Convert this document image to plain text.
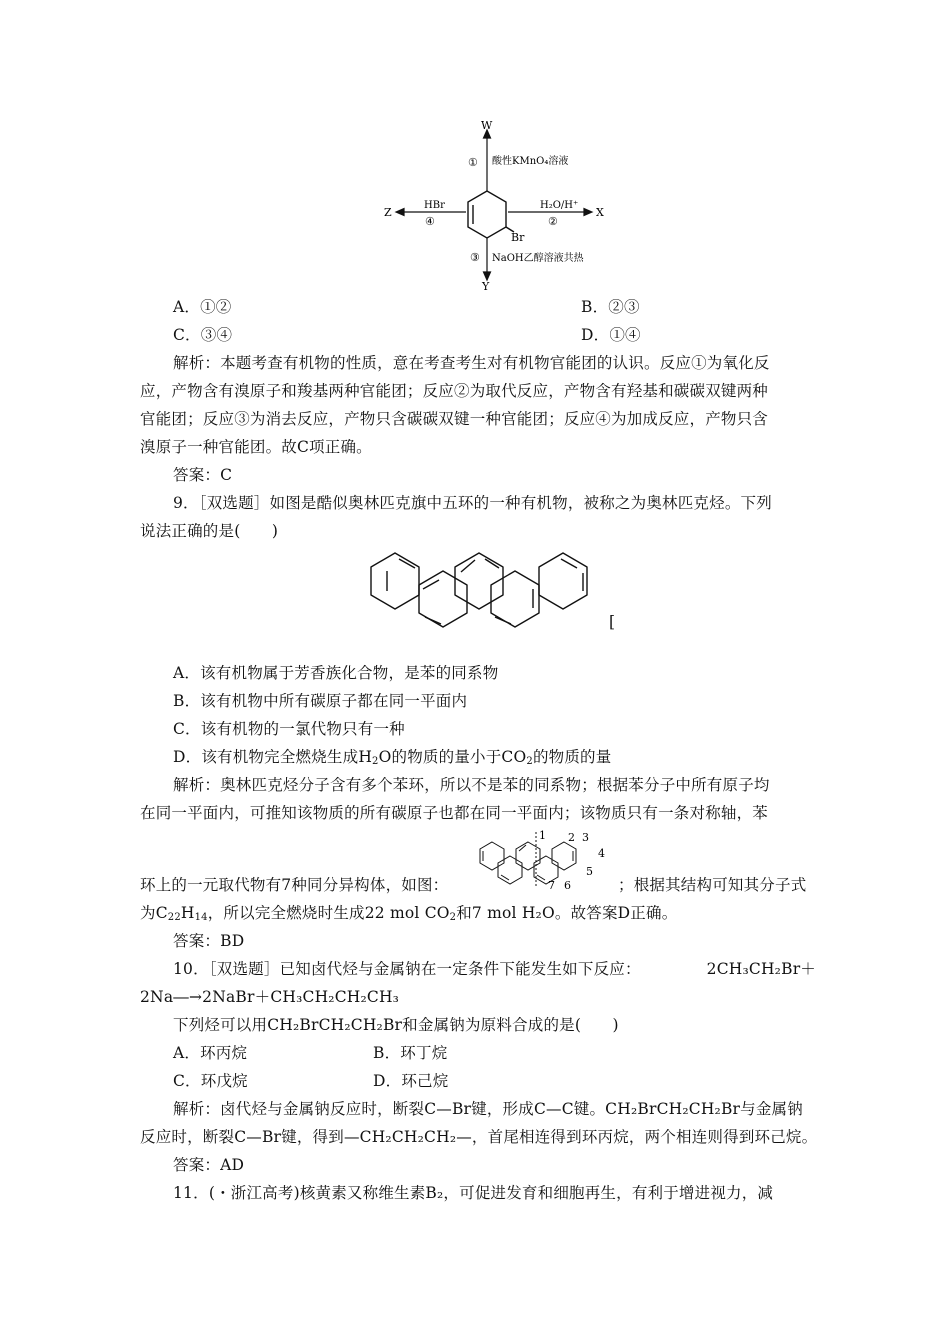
W
X
Z
Y
Br
① 酸性KMnO₄溶液
H₂O/H⁺
②
HBr
④
③ NaOH乙醇溶液共热
A．①②	B．②③
C．③④	D．①④
解析：本题考查有机物的性质，意在考查考生对有机物官能团的认识。反应①为氧化反
应，产物含有溴原子和羧基两种官能团；反应②为取代反应，产物含有羟基和碳碳双键两种
官能团；反应③为消去反应，产物只含碳碳双键一种官能团；反应④为加成反应，产物只含
溴原子一种官能团。故C项正确。
答案：C
9．［双选题］如图是酷似奥林匹克旗中五环的一种有机物，被称之为奥林匹克烃。下列
说法正确的是(　　)
[
A．该有机物属于芳香族化合物，是苯的同系物
B．该有机物中所有碳原子都在同一平面内
C．该有机物的一氯代物只有一种
D．该有机物完全燃烧生成$H_2O$的物质的量小于$CO_2$的物质的量
解析：奥林匹克烃分子含有多个苯环，所以不是苯的同系物；根据苯分子中所有原子均
在同一平面内，可推知该物质的所有碳原子也都在同一平面内；该物质只有一条对称轴，苯
1 2 3
4
5
6
7
环上的一元取代物有7种同分异构体，如图：	；根据其结构可知其分子式
为$C_{22}H_{14}$，所以完全燃烧时生成22 mol $CO_2$和7 mol H₂O。故答案D正确。
答案：BD
10．［双选题］已知卤代烃与金属钠在一定条件下能发生如下反应：	2CH₃CH₂Br＋
2Na―→2NaBr＋CH₃CH₂CH₂CH₃
下列烃可以用CH₂BrCH₂CH₂Br和金属钠为原料合成的是(　　)
A．环丙烷	B．环丁烷
C．环戊烷	D．环己烷
解析：卤代烃与金属钠反应时，断裂C—Br键，形成C—C键。CH₂BrCH₂CH₂Br与金属钠
反应时，断裂C—Br键，得到—CH₂CH₂CH₂—，首尾相连得到环丙烷，两个相连则得到环己烷。
答案：AD
11．(・浙江高考)核黄素又称维生素B₂，可促进发育和细胞再生，有利于增进视力，减
